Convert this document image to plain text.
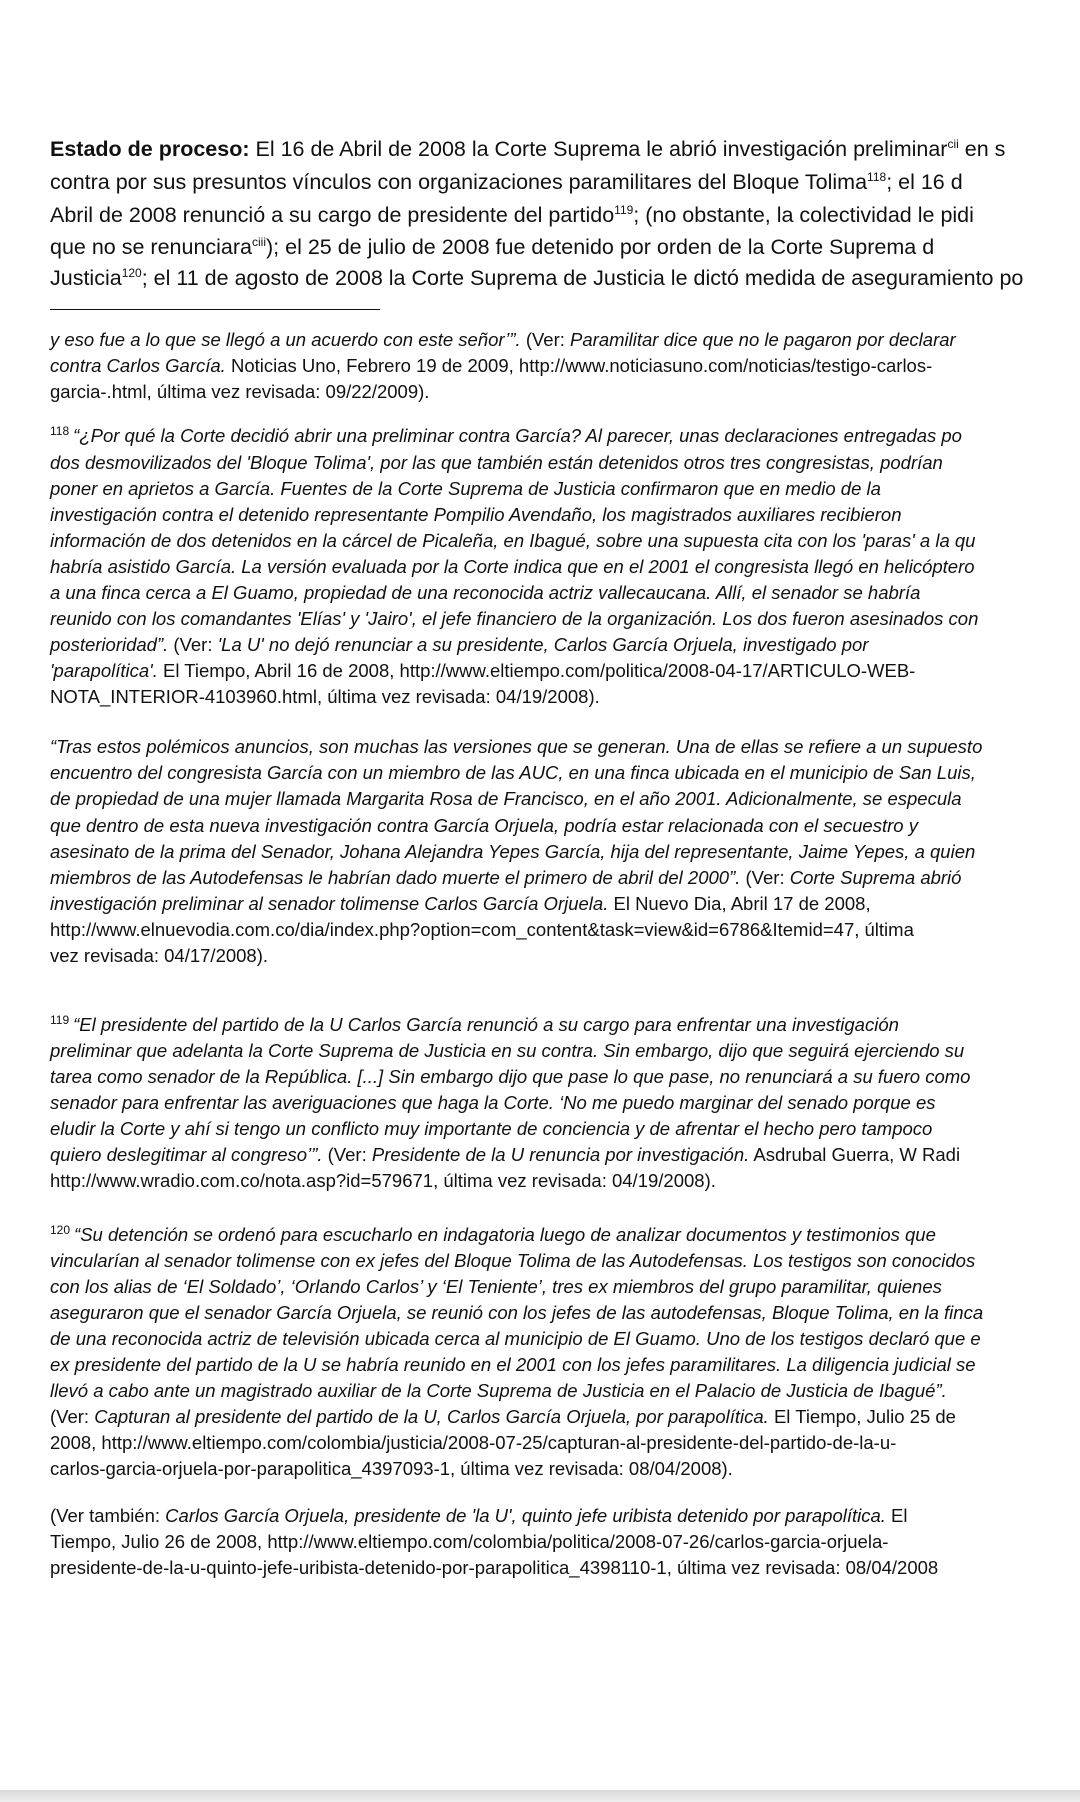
Estado de proceso: El 16 de Abril de 2008 la Corte Suprema le abrió investigación preliminar$^{cii}$ en s
contra por sus presuntos vínculos con organizaciones paramilitares del Bloque Tolima$^{118}$; el 16 d
Abril de 2008 renunció a su cargo de presidente del partido$^{119}$; (no obstante, la colectividad le pidi
que no se renunciara$^{ciii}$); el 25 de julio de 2008 fue detenido por orden de la Corte Suprema d
Justicia$^{120}$; el 11 de agosto de 2008 la Corte Suprema de Justicia le dictó medida de aseguramiento po
y eso fue a lo que se llegó a un acuerdo con este señor’”. (Ver: Paramilitar dice que no le pagaron por declarar
contra Carlos García. Noticias Uno, Febrero 19 de 2009, http://www.noticiasuno.com/noticias/testigo-carlos-
garcia-.html, última vez revisada: 09/22/2009).
$^{118}$ “¿Por qué la Corte decidió abrir una preliminar contra García? Al parecer, unas declaraciones entregadas po
dos desmovilizados del 'Bloque Tolima', por las que también están detenidos otros tres congresistas, podrían
poner en aprietos a García. Fuentes de la Corte Suprema de Justicia confirmaron que en medio de la
investigación contra el detenido representante Pompilio Avendaño, los magistrados auxiliares recibieron
información de dos detenidos en la cárcel de Picaleña, en Ibagué, sobre una supuesta cita con los 'paras' a la qu
habría asistido García. La versión evaluada por la Corte indica que en el 2001 el congresista llegó en helicóptero
a una finca cerca a El Guamo, propiedad de una reconocida actriz vallecaucana. Allí, el senador se habría
reunido con los comandantes 'Elías' y 'Jairo', el jefe financiero de la organización. Los dos fueron asesinados con
posterioridad”. (Ver: 'La U' no dejó renunciar a su presidente, Carlos García Orjuela, investigado por
'parapolítica'. El Tiempo, Abril 16 de 2008, http://www.eltiempo.com/politica/2008-04-17/ARTICULO-WEB-
NOTA_INTERIOR-4103960.html, última vez revisada: 04/19/2008).
“Tras estos polémicos anuncios, son muchas las versiones que se generan. Una de ellas se refiere a un supuesto
encuentro del congresista García con un miembro de las AUC, en una finca ubicada en el municipio de San Luis,
de propiedad de una mujer llamada Margarita Rosa de Francisco, en el año 2001. Adicionalmente, se especula
que dentro de esta nueva investigación contra García Orjuela, podría estar relacionada con el secuestro y
asesinato de la prima del Senador, Johana Alejandra Yepes García, hija del representante, Jaime Yepes, a quien
miembros de las Autodefensas le habrían dado muerte el primero de abril del 2000”. (Ver: Corte Suprema abrió
investigación preliminar al senador tolimense Carlos García Orjuela. El Nuevo Dia, Abril 17 de 2008,
http://www.elnuevodia.com.co/dia/index.php?option=com_content&task=view&id=6786&Itemid=47, última
vez revisada: 04/17/2008).
$^{119}$ “El presidente del partido de la U Carlos García renunció a su cargo para enfrentar una investigación
preliminar que adelanta la Corte Suprema de Justicia en su contra. Sin embargo, dijo que seguirá ejerciendo su
tarea como senador de la República. [...] Sin embargo dijo que pase lo que pase, no renunciará a su fuero como
senador para enfrentar las averiguaciones que haga la Corte. ‘No me puedo marginar del senado porque es
eludir la Corte y ahí si tengo un conflicto muy importante de conciencia y de afrentar el hecho pero tampoco
quiero deslegitimar al congreso’”. (Ver: Presidente de la U renuncia por investigación. Asdrubal Guerra, W Radi
http://www.wradio.com.co/nota.asp?id=579671, última vez revisada: 04/19/2008).
$^{120}$ “Su detención se ordenó para escucharlo en indagatoria luego de analizar documentos y testimonios que
vincularían al senador tolimense con ex jefes del Bloque Tolima de las Autodefensas. Los testigos son conocidos
con los alias de ‘El Soldado’, ‘Orlando Carlos’ y ‘El Teniente’, tres ex miembros del grupo paramilitar, quienes
aseguraron que el senador García Orjuela, se reunió con los jefes de las autodefensas, Bloque Tolima, en la finca
de una reconocida actriz de televisión ubicada cerca al municipio de El Guamo. Uno de los testigos declaró que e
ex presidente del partido de la U se habría reunido en el 2001 con los jefes paramilitares. La diligencia judicial se
llevó a cabo ante un magistrado auxiliar de la Corte Suprema de Justicia en el Palacio de Justicia de Ibagué”.
(Ver: Capturan al presidente del partido de la U, Carlos García Orjuela, por parapolítica. El Tiempo, Julio 25 de
2008, http://www.eltiempo.com/colombia/justicia/2008-07-25/capturan-al-presidente-del-partido-de-la-u-
carlos-garcia-orjuela-por-parapolitica_4397093-1, última vez revisada: 08/04/2008).
(Ver también: Carlos García Orjuela, presidente de 'la U', quinto jefe uribista detenido por parapolítica. El
Tiempo, Julio 26 de 2008, http://www.eltiempo.com/colombia/politica/2008-07-26/carlos-garcia-orjuela-
presidente-de-la-u-quinto-jefe-uribista-detenido-por-parapolitica_4398110-1, última vez revisada: 08/04/2008
